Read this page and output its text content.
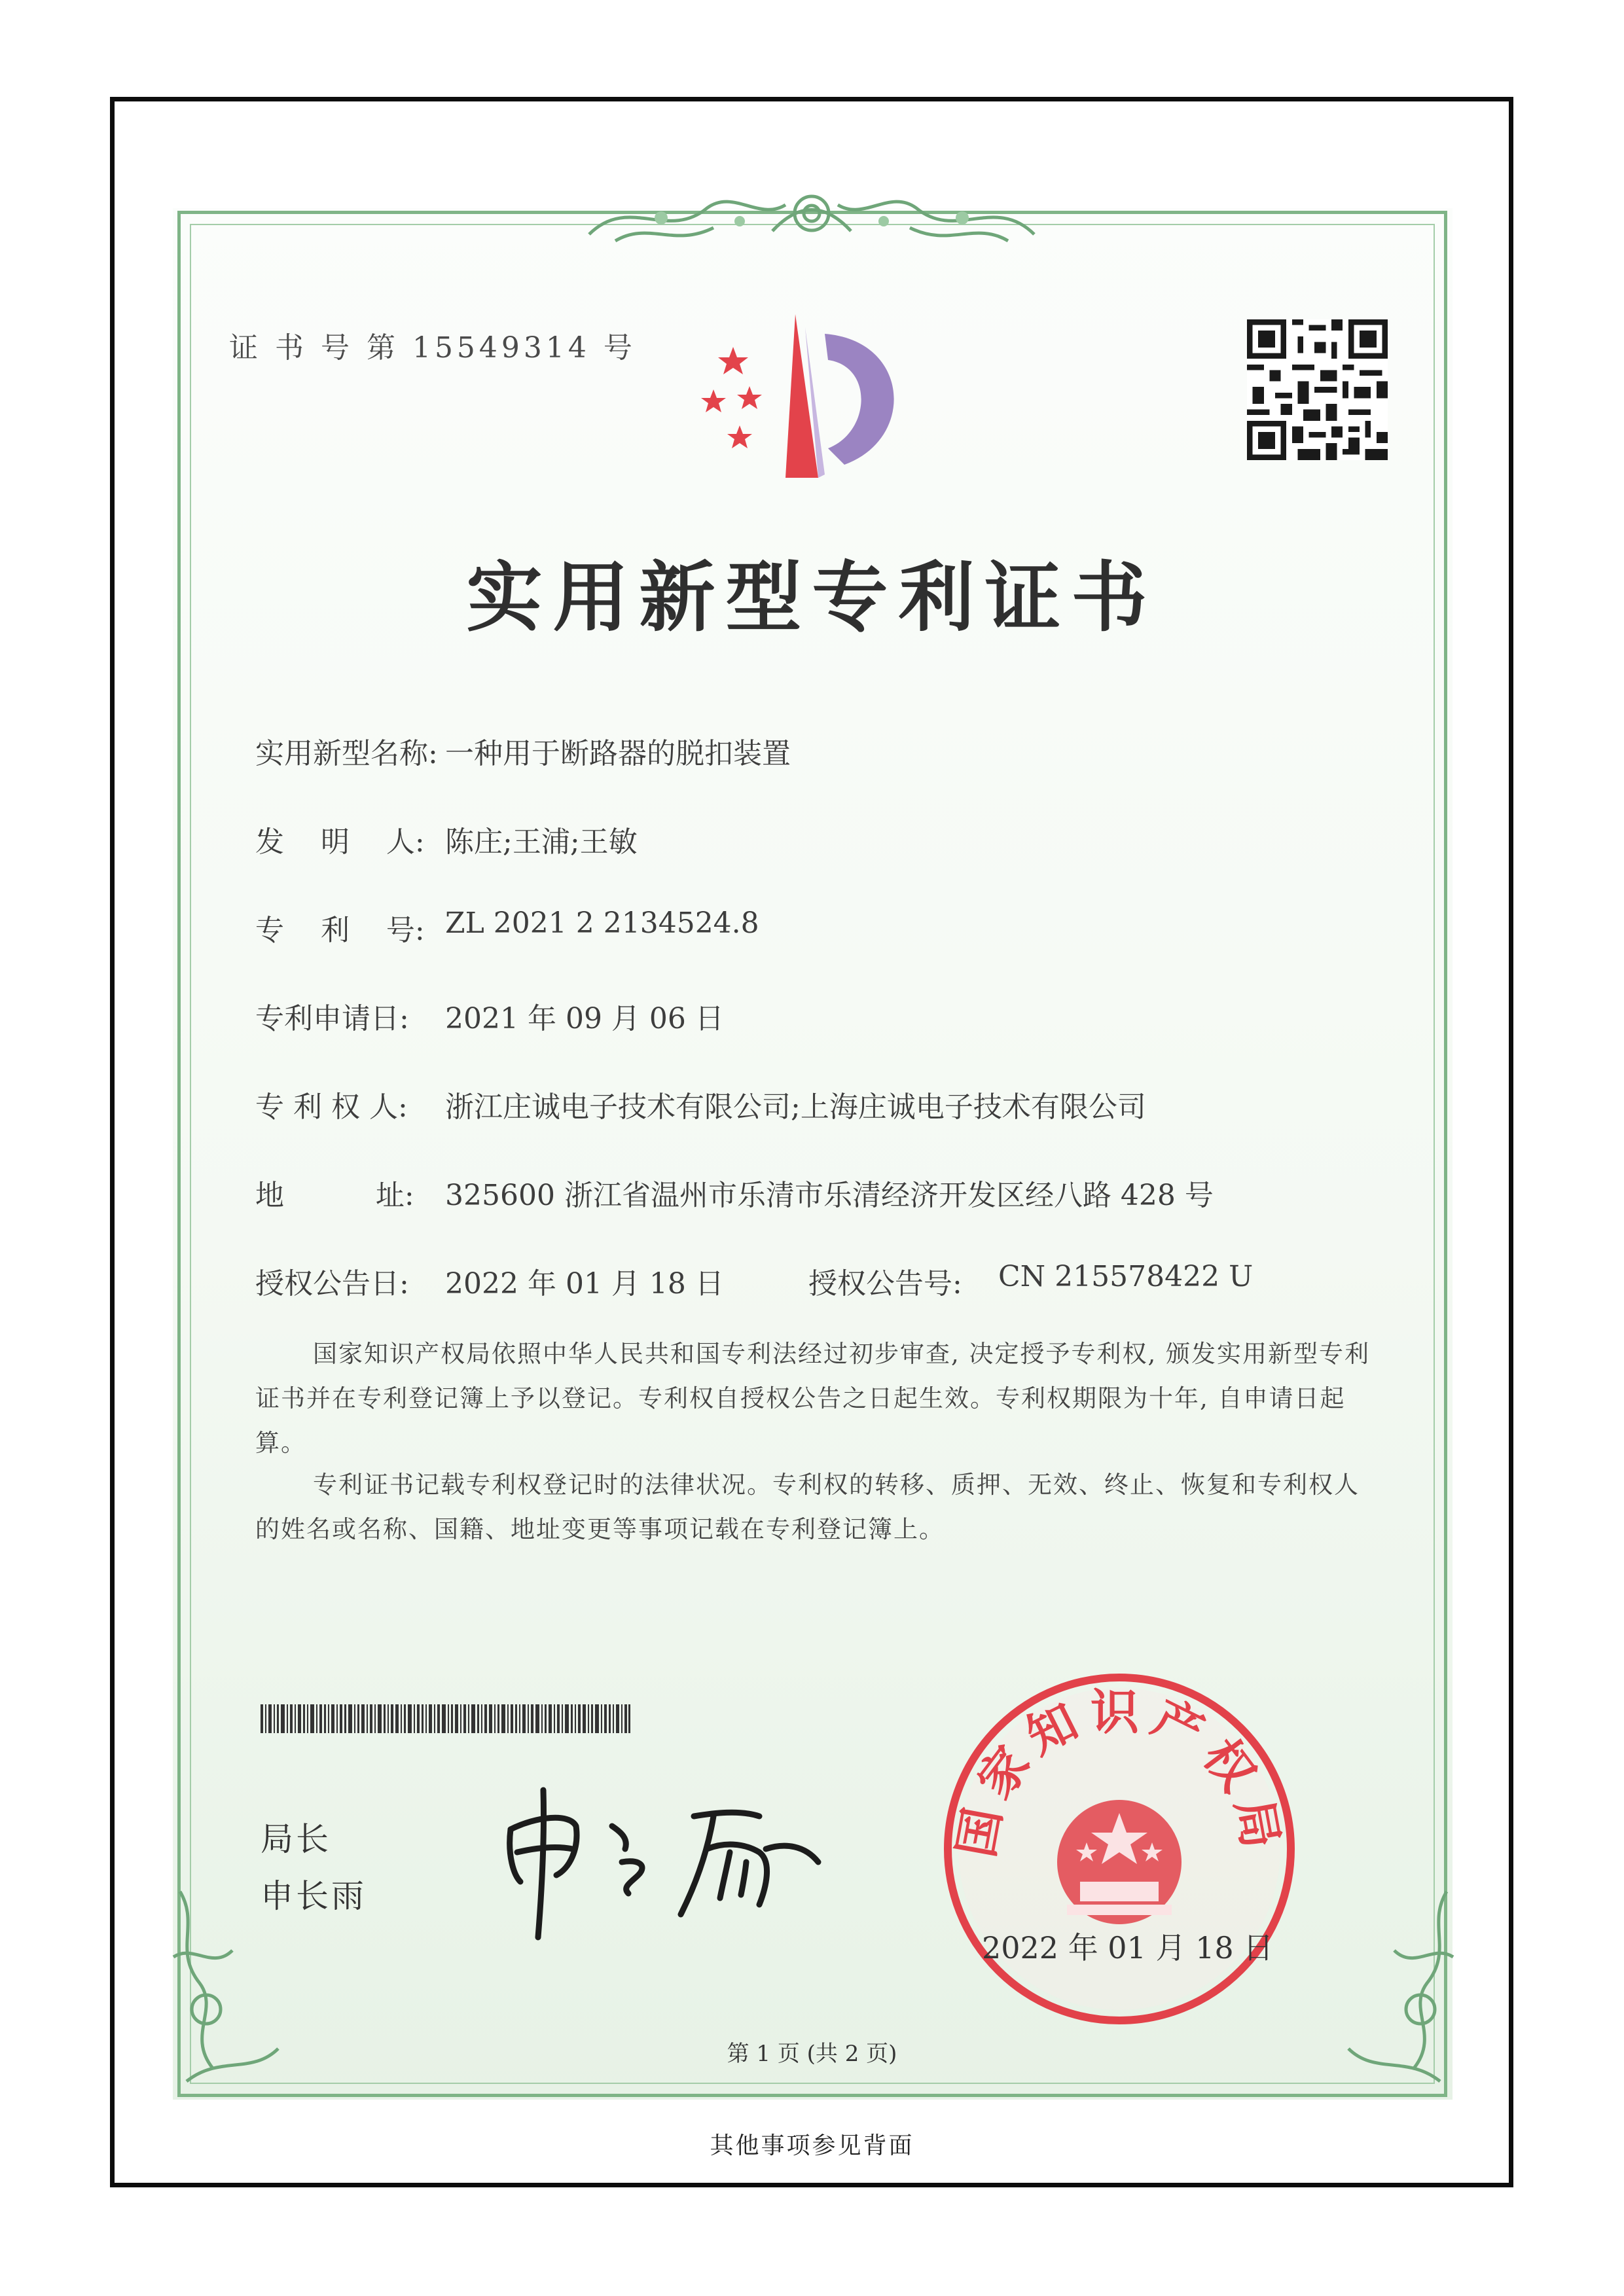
证 书 号 第 15549314 号
实用新型专利证书
实用新型名称: 一种用于断路器的脱扣装置
发    明    人: 陈庄;王浦;王敏
专    利    号: ZL 2021 2 2134524.8
专利申请日: 2021 年 09 月 06 日
专 利 权 人: 浙江庄诚电子技术有限公司;上海庄诚电子技术有限公司
地          址: 325600 浙江省温州市乐清市乐清经济开发区经八路 428 号
授权公告日: 2022 年 01 月 18 日	授权公告号: CN 215578422 U
国家知识产权局依照中华人民共和国专利法经过初步审查, 决定授予专利权, 颁发实用新型专利证书并在专利登记簿上予以登记。专利权自授权公告之日起生效。专利权期限为十年, 自申请日起算。
专利证书记载专利权登记时的法律状况。专利权的转移、质押、无效、终止、恢复和专利权人的姓名或名称、国籍、地址变更等事项记载在专利登记簿上。
局长
申长雨
国家知识产权局
2022 年 01 月 18 日
第 1 页 (共 2 页)
其他事项参见背面
